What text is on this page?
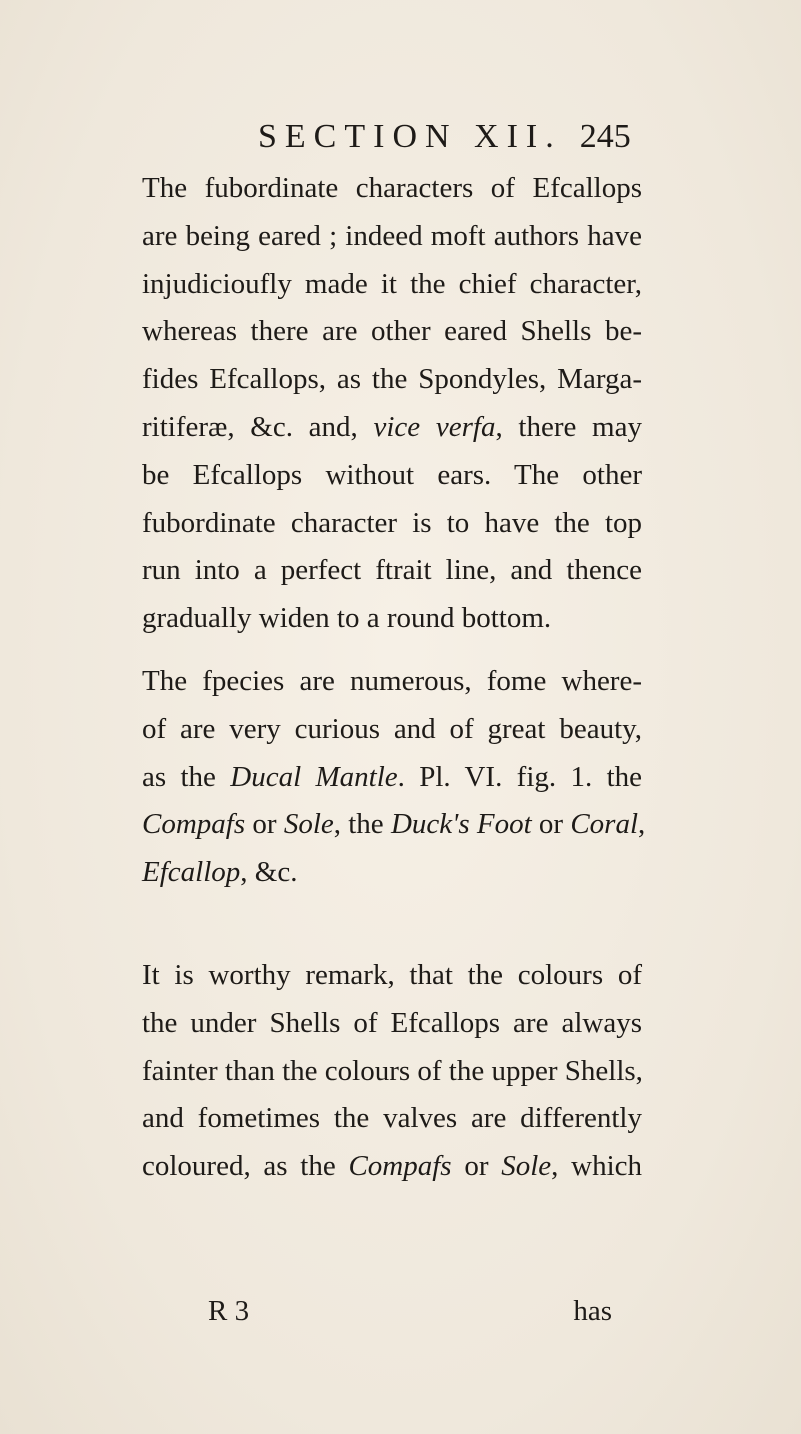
SECTION XII. 245
The fubordinate characters of Efcallops
are being eared ; indeed moft authors have
injudicioufly made it the chief character,
whereas there are other eared Shells be-
fides Efcallops, as the Spondyles, Marga-
ritiferæ, &c. and, vice verfa, there may
be Efcallops without ears. The other
fubordinate character is to have the top
run into a perfect ftrait line, and thence
gradually widen to a round bottom.
The fpecies are numerous, fome where-
of are very curious and of great beauty,
as the Ducal Mantle. Pl. VI. fig. 1. the
Compafs or Sole, the Duck's Foot or Coral,
Efcallop, &c.
It is worthy remark, that the colours of
the under Shells of Efcallops are always
fainter than the colours of the upper Shells,
and fometimes the valves are differently
coloured, as the Compafs or Sole, which
R 3	has
